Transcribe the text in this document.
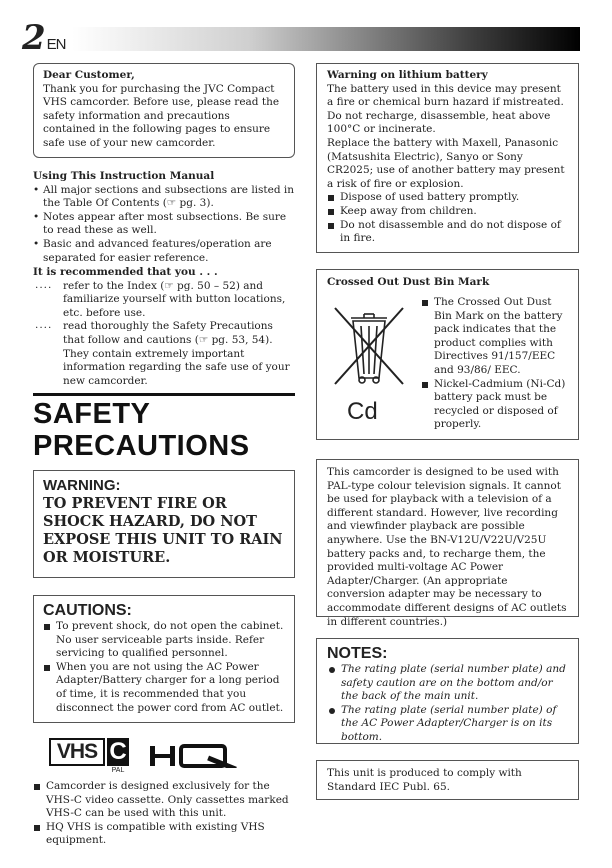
2 EN
Dear Customer,
Thank you for purchasing the JVC Compact VHS camcorder. Before use, please read the safety information and precautions contained in the following pages to ensure safe use of your new camcorder.
Using This Instruction Manual
• All major sections and subsections are listed in the Table Of Contents (☞ pg. 3).
• Notes appear after most subsections. Be sure to read these as well.
• Basic and advanced features/operation are separated for easier reference.
It is recommended that you . . .
.... refer to the Index (☞ pg. 50 – 52) and familiarize yourself with button locations, etc. before use.
.... read thoroughly the Safety Precautions that follow and cautions (☞ pg. 53, 54). They contain extremely important information regarding the safe use of your new camcorder.
SAFETY
PRECAUTIONS
WARNING:
TO PREVENT FIRE OR SHOCK HAZARD, DO NOT EXPOSE THIS UNIT TO RAIN OR MOISTURE.
CAUTIONS:
To prevent shock, do not open the cabinet. No user serviceable parts inside. Refer servicing to qualified personnel.
When you are not using the AC Power Adapter/Battery charger for a long period of time, it is recommended that you disconnect the power cord from AC outlet.
VHS C
PAL
Camcorder is designed exclusively for the VHS-C video cassette. Only cassettes marked VHS-C can be used with this unit.
HQ VHS is compatible with existing VHS equipment.
Warning on lithium battery
The battery used in this device may present a fire or chemical burn hazard if mistreated. Do not recharge, disassemble, heat above 100°C or incinerate.
Replace the battery with Maxell, Panasonic (Matsushita Electric), Sanyo or Sony CR2025; use of another battery may present a risk of fire or explosion.
Dispose of used battery promptly.
Keep away from children.
Do not disassemble and do not dispose of in fire.
Crossed Out Dust Bin Mark
Cd
The Crossed Out Dust Bin Mark on the battery pack indicates that the product complies with Directives 91/157/EEC and 93/86/ EEC.
Nickel-Cadmium (Ni-Cd) battery pack must be recycled or disposed of properly.
This camcorder is designed to be used with PAL-type colour television signals. It cannot be used for playback with a television of a different standard. However, live recording and viewfinder playback are possible anywhere. Use the BN-V12U/V22U/V25U battery packs and, to recharge them, the provided multi-voltage AC Power Adapter/Charger. (An appropriate conversion adapter may be necessary to accommodate different designs of AC outlets in different countries.)
NOTES:
The rating plate (serial number plate) and safety caution are on the bottom and/or the back of the main unit.
The rating plate (serial number plate) of the AC Power Adapter/Charger is on its bottom.
This unit is produced to comply with Standard IEC Publ. 65.
